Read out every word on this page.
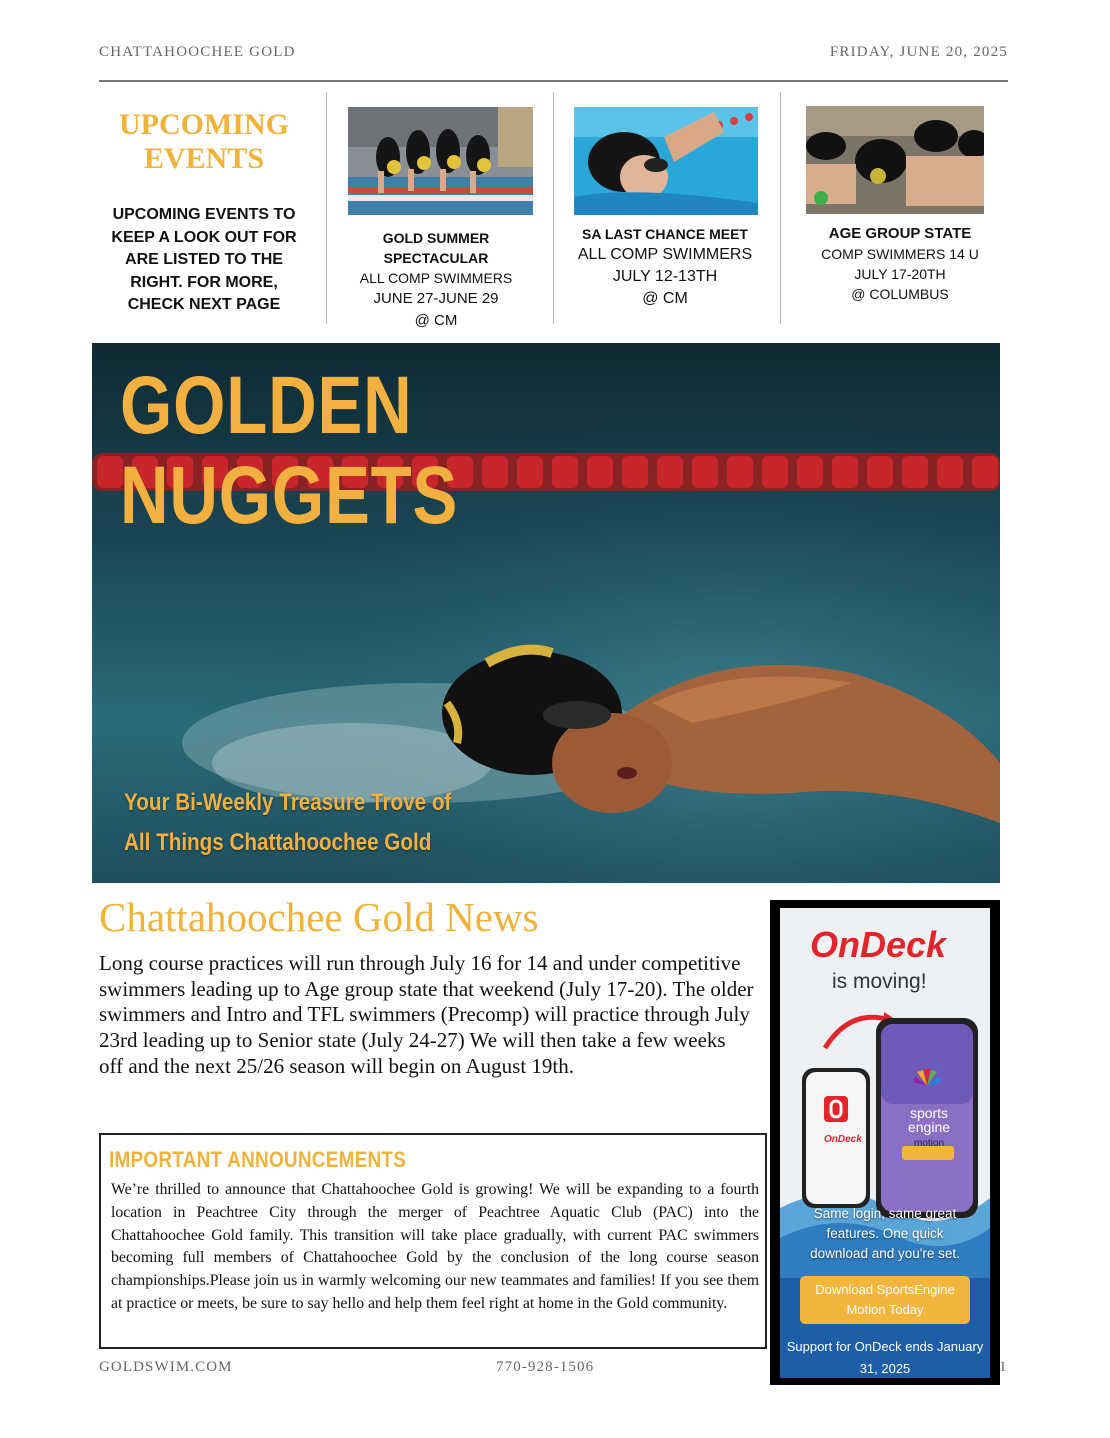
CHATTAHOOCHEE GOLD	FRIDAY, JUNE 20, 2025
UPCOMING
EVENTS
UPCOMING EVENTS TO KEEP A LOOK OUT FOR ARE LISTED TO THE RIGHT. FOR MORE, CHECK NEXT PAGE
GOLD SUMMER SPECTACULAR
ALL COMP SWIMMERS
JUNE 27-JUNE 29
@ CM
SA LAST CHANCE MEET
ALL COMP SWIMMERS
JULY 12-13TH
@ CM
AGE GROUP STATE
COMP SWIMMERS 14 U
JULY 17-20TH
@ COLUMBUS
GOLDEN
NUGGETS
Your Bi-Weekly Treasure Trove of
All Things Chattahoochee Gold
Chattahoochee Gold News
Long course practices will run through July 16 for 14 and under competitive swimmers leading up to Age group state that weekend (July 17-20). The older swimmers and Intro and TFL swimmers (Precomp) will practice through July 23rd leading up to Senior state (July 24-27) We will then take a few weeks off and the next 25/26 season will begin on August 19th.
IMPORTANT ANNOUNCEMENTS
We’re thrilled to announce that Chattahoochee Gold is growing! We will be expanding to a fourth location in Peachtree City through the merger of Peachtree Aquatic Club (PAC) into the Chattahoochee Gold family. This transition will take place gradually, with current PAC swimmers becoming full members of Chattahoochee Gold by the conclusion of the long course season championships.Please join us in warmly welcoming our new teammates and families! If you see them at practice or meets, be sure to say hello and help them feel right at home in the Gold community.
OnDeck
is moving!
OnDeck
sports
engine
motion
Same login, same great features. One quick download and you're set.
Download SportsEngine Motion Today
Support for OnDeck ends January 31, 2025
GOLDSWIM.COM	770-928-1506	1
